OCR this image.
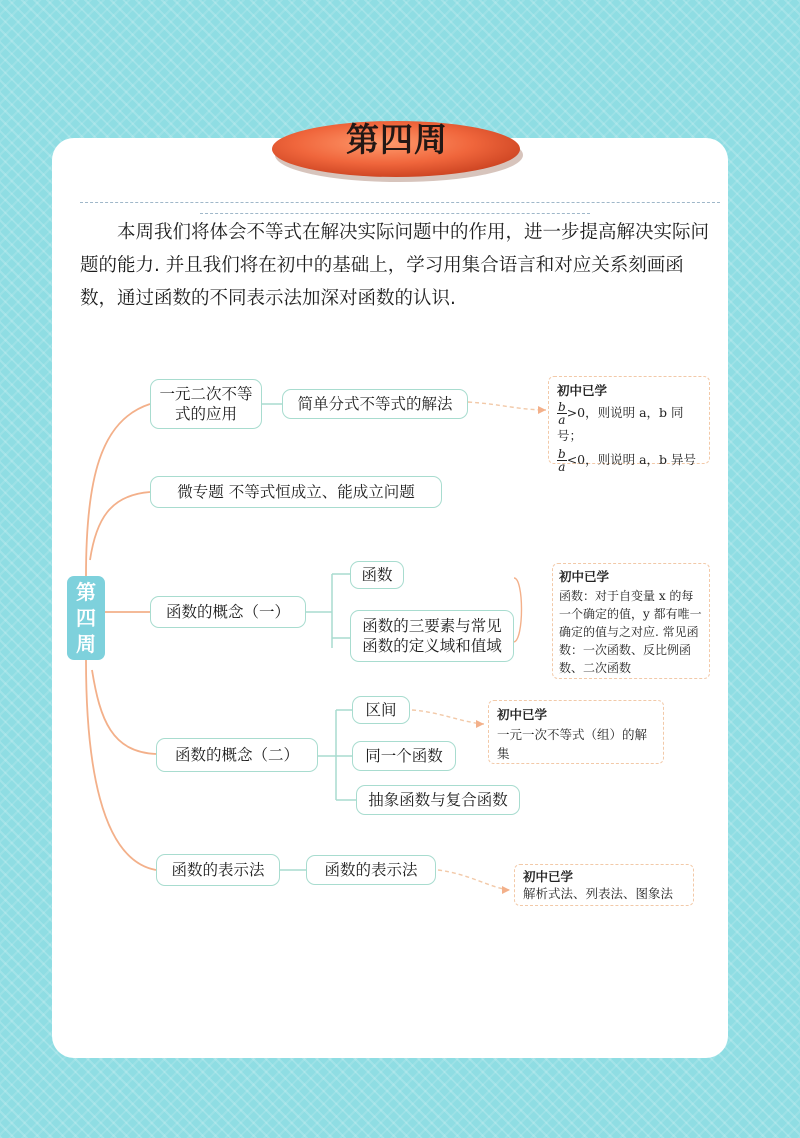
第四周

本周我们将体会不等式在解决实际问题中的作用，进一步提高解决实际问题的能力. 并且我们将在初中的基础上，学习用集合语言和对应关系刻画函数，通过函数的不同表示法加深对函数的认识.

第四周
一元二次不等式的应用
简单分式不等式的解法
微专题 不等式恒成立、能成立问题
函数的概念（一）
函数
函数的三要素与常见函数的定义域和值域
函数的概念（二）
区间
同一个函数
抽象函数与复合函数
函数的表示法	函数的表示法
初中已学
$\frac{b}{a} >0$，则说明 a，b 同号；
$\frac{b}{a} <0$，则说明 a，b 异号
初中已学
函数：对于自变量 x 的每一个确定的值，y 都有唯一确定的值与之对应. 常见函数：一次函数、反比例函数、二次函数
初中已学
一元一次不等式（组）的解集
初中已学
解析式法、列表法、图象法
